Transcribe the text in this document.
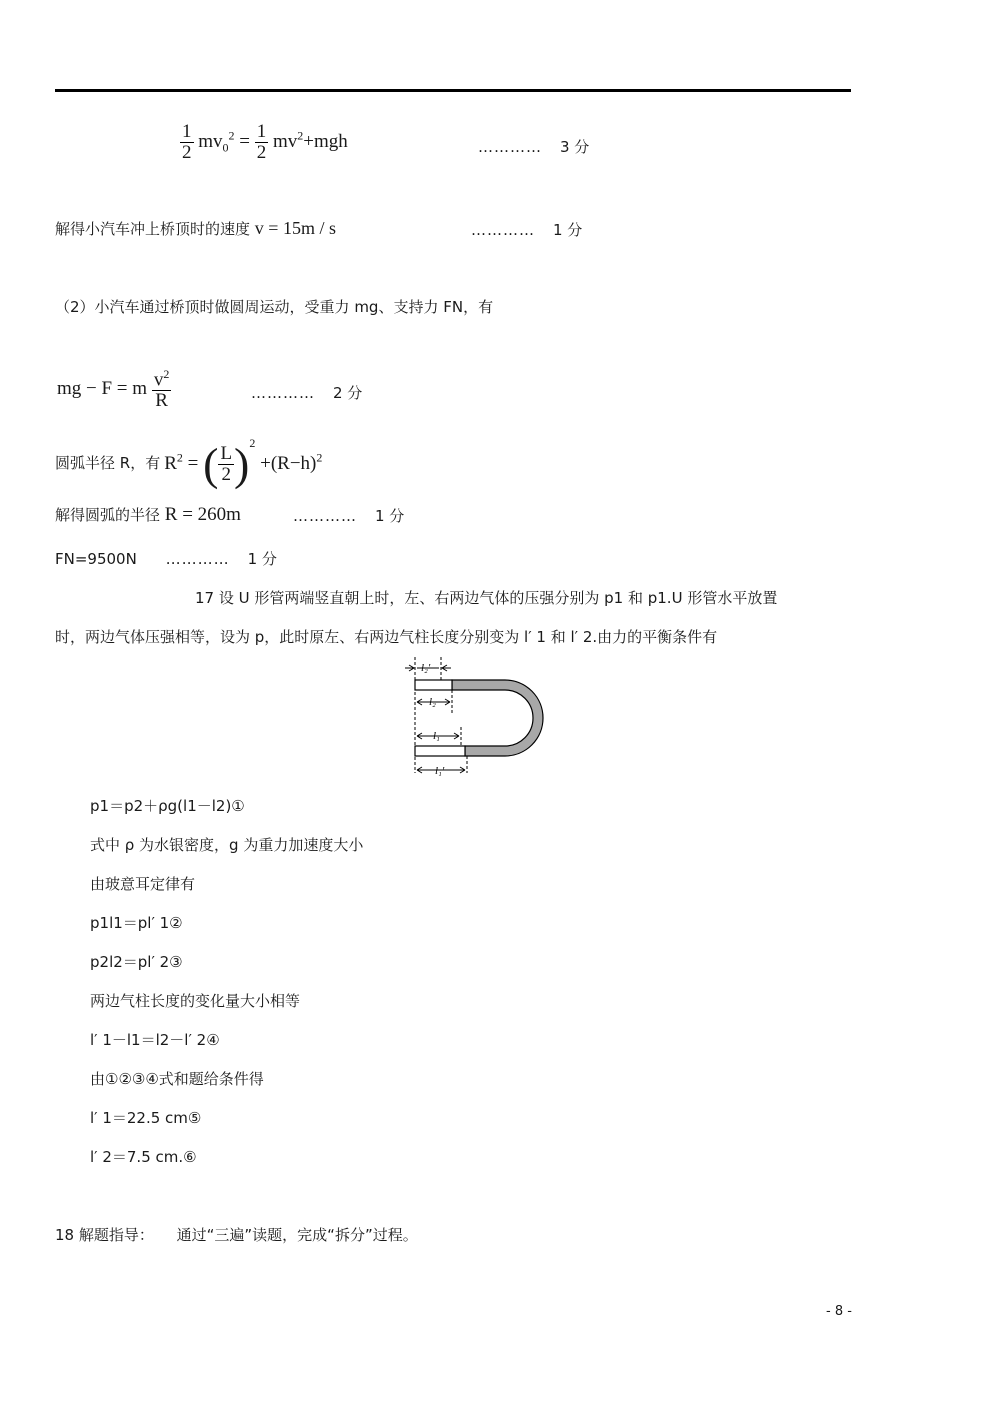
$\frac{1}{2} mv_0^2 = \frac{1}{2} mv^2+mgh$	………… 3 分
解得小汽车冲上桥顶时的速度 v = 15m / s	………… 1 分
（2）小汽车通过桥顶时做圆周运动，受重力 mg、支持力 FN，有
mg − F = m $\frac{v^2}{R}$	………… 2 分
圆弧半径 R，有 $R^2$ = ( $\frac{L}{2} )^2 +(R-h)^2$
解得圆弧的半径 R = 260m	………… 1 分
FN=9500N ………… 1 分
17 设 U 形管两端竖直朝上时，左、右两边气体的压强分别为 p1 和 p1.U 形管水平放置
时，两边气体压强相等，设为 p，此时原左、右两边气柱长度分别变为 l′ 1 和 l′ 2.由力的平衡条件有
l₂′
l₂
l₁
l₁′
p1＝p2＋ρg(l1－l2)①
式中 ρ 为水银密度，g 为重力加速度大小
由玻意耳定律有
p1l1＝pl′ 1②
p2l2＝pl′ 2③
两边气柱长度的变化量大小相等
l′ 1－l1＝l2－l′ 2④
由①②③④式和题给条件得
l′ 1＝22.5 cm⑤
l′ 2＝7.5 cm.⑥
18 解题指导： 通过“三遍”读题，完成“拆分”过程。
- 8 -
